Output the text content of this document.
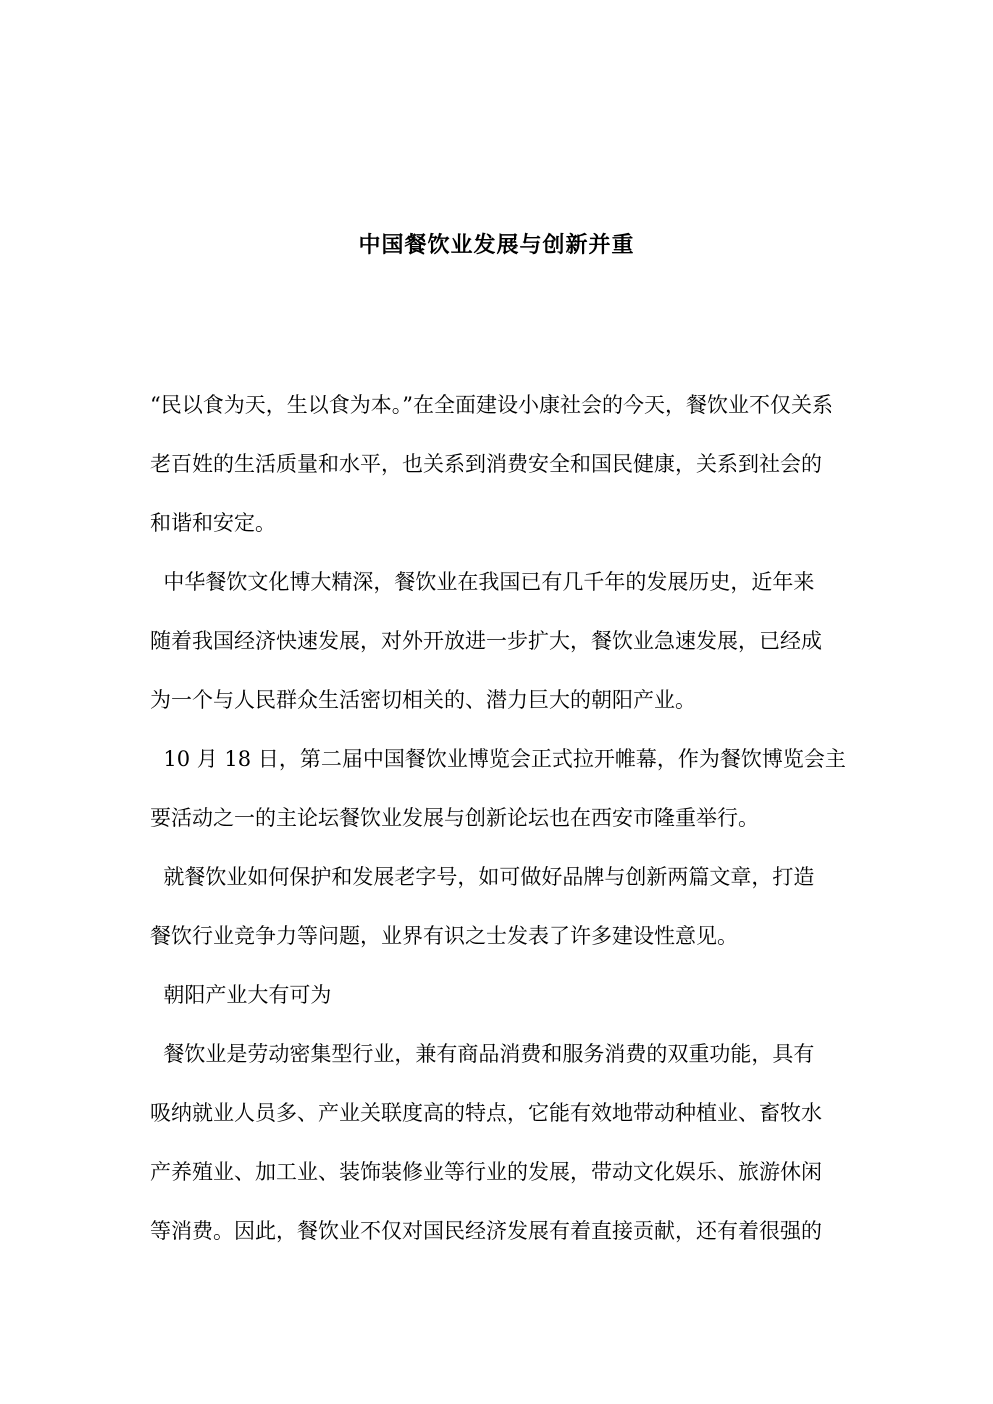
中国餐饮业发展与创新并重
“民以食为天，生以食为本。”在全面建设小康社会的今天，餐饮业不仅关系
老百姓的生活质量和水平，也关系到消费安全和国民健康，关系到社会的
和谐和安定。
中华餐饮文化博大精深，餐饮业在我国已有几千年的发展历史，近年来
随着我国经济快速发展，对外开放进一步扩大，餐饮业急速发展，已经成
为一个与人民群众生活密切相关的、潜力巨大的朝阳产业。
10 月 18 日，第二届中国餐饮业博览会正式拉开帷幕，作为餐饮博览会主
要活动之一的主论坛餐饮业发展与创新论坛也在西安市隆重举行。
就餐饮业如何保护和发展老字号，如可做好品牌与创新两篇文章，打造
餐饮行业竞争力等问题，业界有识之士发表了许多建设性意见。
朝阳产业大有可为
餐饮业是劳动密集型行业，兼有商品消费和服务消费的双重功能，具有
吸纳就业人员多、产业关联度高的特点，它能有效地带动种植业、畜牧水
产养殖业、加工业、装饰装修业等行业的发展，带动文化娱乐、旅游休闲
等消费。因此，餐饮业不仅对国民经济发展有着直接贡献，还有着很强的
